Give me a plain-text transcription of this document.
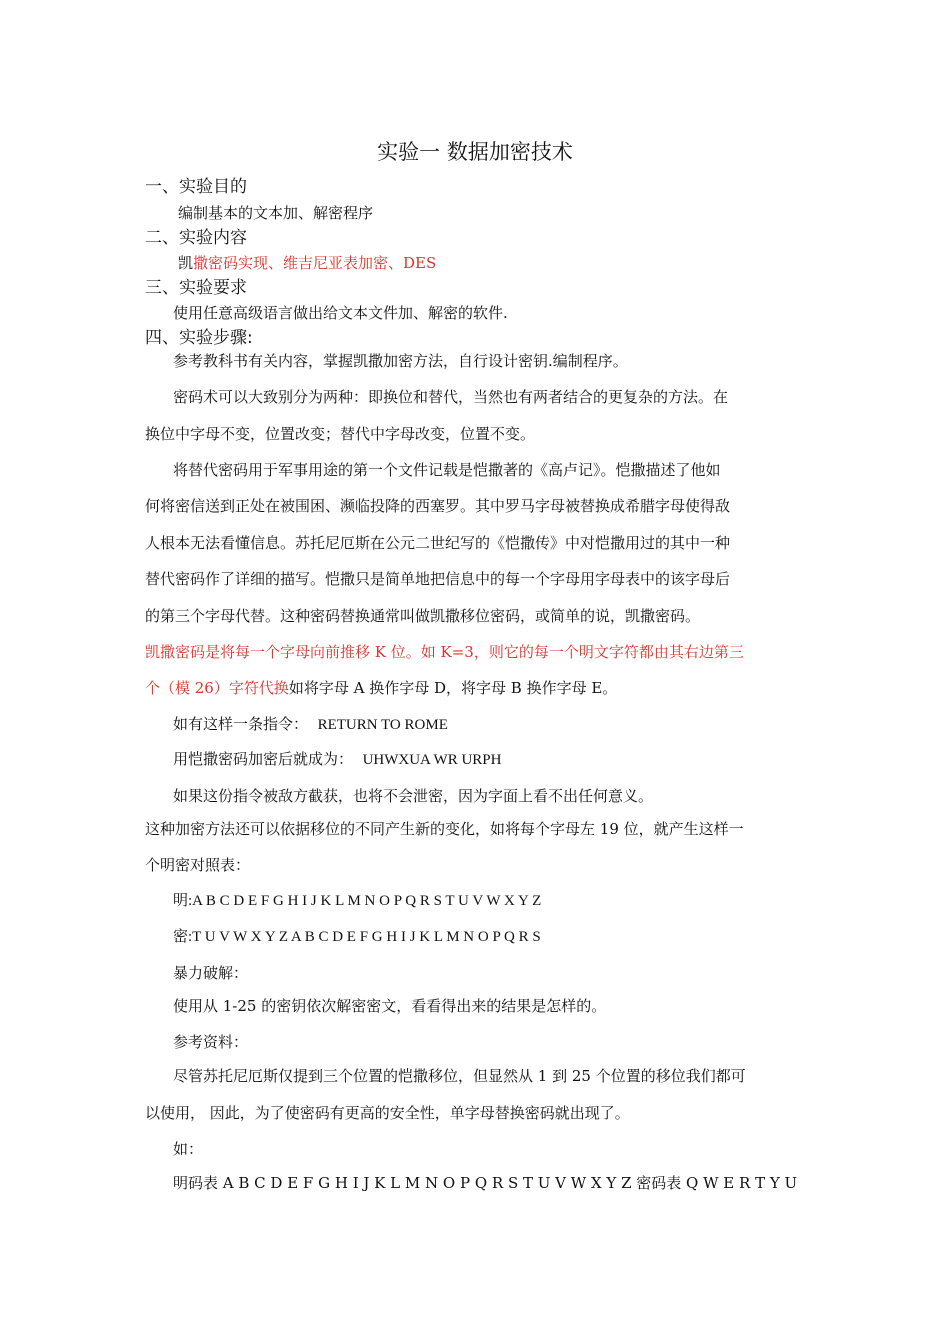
实验一 数据加密技术
一、实验目的
编制基本的文本加、解密程序
二、实验内容
凯撒密码实现、维吉尼亚表加密、DES
三、实验要求
使用任意高级语言做出给文本文件加、解密的软件.
四、实验步骤:
参考教科书有关内容，掌握凯撒加密方法，自行设计密钥.编制程序。
密码术可以大致别分为两种：即换位和替代，当然也有两者结合的更复杂的方法。在
换位中字母不变，位置改变；替代中字母改变，位置不变。
将替代密码用于军事用途的第一个文件记载是恺撒著的《高卢记》。恺撒描述了他如
何将密信送到正处在被围困、濒临投降的西塞罗。其中罗马字母被替换成希腊字母使得敌
人根本无法看懂信息。苏托尼厄斯在公元二世纪写的《恺撒传》中对恺撒用过的其中一种
替代密码作了详细的描写。恺撒只是简单地把信息中的每一个字母用字母表中的该字母后
的第三个字母代替。这种密码替换通常叫做凯撒移位密码，或简单的说，凯撒密码。
凯撒密码是将每一个字母向前推移 K 位。如 K=3，则它的每一个明文字符都由其右边第三
个（模 26）字符代换如将字母 A 换作字母 D，将字母 B 换作字母 E。
如有这样一条指令： RETURN TO ROME
用恺撒密码加密后就成为： UHWXUA WR URPH
如果这份指令被敌方截获，也将不会泄密，因为字面上看不出任何意义。
这种加密方法还可以依据移位的不同产生新的变化，如将每个字母左 19 位，就产生这样一
个明密对照表：
明:A B C D E F G H I J K L M N O P Q R S T U V W X Y Z
密:T U V W X Y Z A B C D E F G H I J K L M N O P Q R S
暴力破解：
使用从 1-25 的密钥依次解密密文，看看得出来的结果是怎样的。
参考资料：
尽管苏托尼厄斯仅提到三个位置的恺撒移位，但显然从 1 到 25 个位置的移位我们都可
以使用， 因此，为了使密码有更高的安全性，单字母替换密码就出现了。
如：
明码表 A B C D E F G H I J K L M N O P Q R S T U V W X Y Z 密码表 Q W E R T Y U
